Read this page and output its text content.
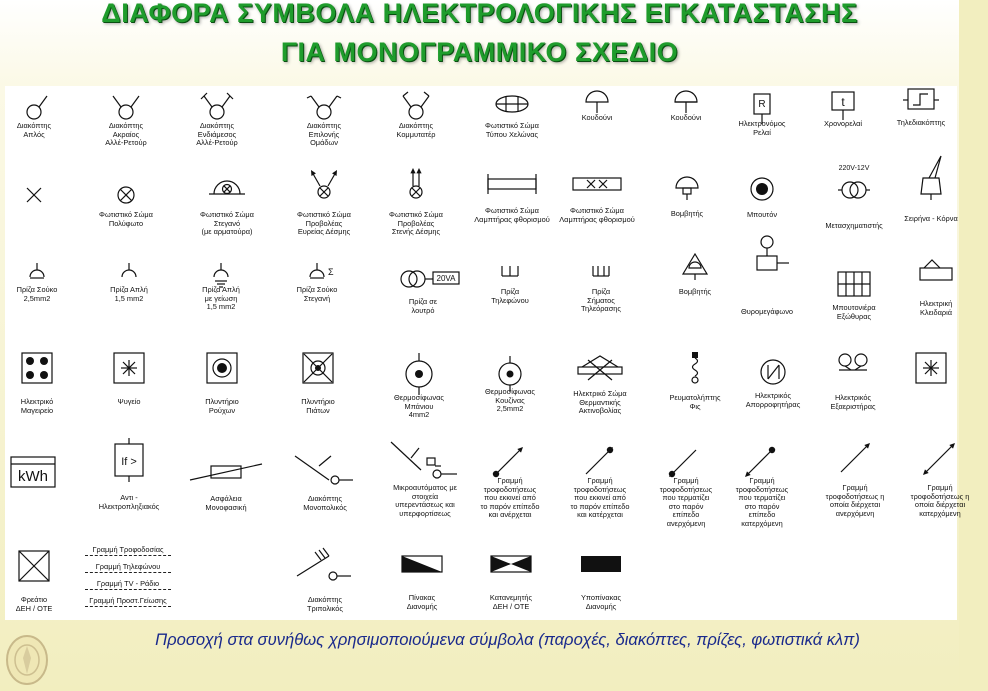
ΔΙΑΦΟΡΑ ΣΥΜΒΟΛΑ ΗΛΕΚΤΡΟΛΟΓΙΚΗΣ ΕΓΚΑΤΑΣΤΑΣΗΣ
ΓΙΑ ΜΟΝΟΓΡΑΜΜΙΚΟ ΣΧΕΔΙΟ
R	t
220V-12V
Σ
20VA
kWh
If >
Γραμμή Τροφοδοσίας
Γραμμή Τηλεφώνου
Γραμμή TV - Ράδιο
Γραμμή Προστ.Γείωσης
Διακόπτης
Απλός
Διακόπτης
Ακραίος
Αλλέ-Ρετούρ
Διακόπτης
Ενδιάμεσος
Αλλέ-Ρετούρ
Διακόπτης
Επιλονής
Ομάδων
Διακόπτης
Κομμυτατέρ
Φωτιστικό Σώμα
Τύπου Χελώνας
Κουδούνι	Κουδούνι
Ηλεκτρονόμος
Ρελαί
Χρονορελαί	Τηλεδιακόπτης
Φωτιστικό Σώμα
Πολύφωτο
Φωτιστικό Σώμα
Στεγανό
(με αρματούρα)
Φωτιστικό Σώμα
Προβολέας
Ευρείας Δέσμης
Φωτιστικό Σώμα
Προβολέας
Στενής Δέσμης
Φωτιστικό Σώμα
Λαμπτήρας φθορισμού
Φωτιστικό Σώμα
Λαμπτήρας φθορισμού
Βομβητής	Μπουτόν
Μετασχηματιστής
Σειρήνα - Κόρνα
Πρίζα Σούκο
2,5mm2
Πρίζα Απλή
1,5 mm2
Πρίζα Απλή
με γείωση
1,5 mm2
Πρίζα Σούκο
Στεγανή	Πρίζα σε
λουτρό
Πρίζα
Τηλεφώνου
Πρίζα
Σήματος
Τηλεόρασης
Βομβητής
Θυρομεγάφωνο	Μπουτονιέρα
Εξώθυρας
Ηλεκτρική
Κλειδαριά
Ηλεκτρικό
Μαγειρείο
Ψυγείο	Πλυντήριο
Ρούχων
Πλυντήριο
Πιάτων
Θερμοσίφωνας
Μπάνιου
4mm2
Θερμοσίφωνας
Κουζίνας
2,5mm2
Ηλεκτρικό Σώμα
Θερμαντικής
Ακτινοβολίας
Ρευματολήπτης
Φις
Ηλεκτρικός
Απορροφητήρας
Ηλεκτρικός
Εξαεριστήρας
Αντι -
Ηλεκτροπληξιακός
Ασφάλεια
Μονοφασική
Διακόπτης
Μονοπολικός
Μικροαυτόματος με
στοιχεία
υπερεντάσεως και
υπερφορτίσεως
Γραμμή
τροφοδοτήσεως
που εκκινεί από
το παρόν επίπεδο
και ανέρχεται
Γραμμή
τροφοδοτήσεως
που εκκινεί από
το παρόν επίπεδο
και κατέρχεται
Γραμμή
τροφοδοτήσεως
που τερματίζει
στο παρόν
επίπεδο
ανερχόμενη
Γραμμή
τροφοδοτήσεως
που τερματίζει
στο παρόν
επίπεδο
κατερχόμενη
Γραμμή
τροφοδοτήσεως η
οποία διέρχεται
ανερχόμενη
Γραμμή
τροφοδοτήσεως η
οποία διέρχεται
κατερχόμενη
Φρεάτιο
ΔΕΗ / ΟΤΕ
Διακόπτης
Τριπολικός
Πίνακας
Διανομής
Κατανεμητής
ΔΕΗ / ΟΤΕ
Υποπίνακας
Διανομής
Προσοχή στα συνήθως χρησιμοποιούμενα σύμβολα (παροχές, διακόπτες, πρίζες, φωτιστικά κλπ)
